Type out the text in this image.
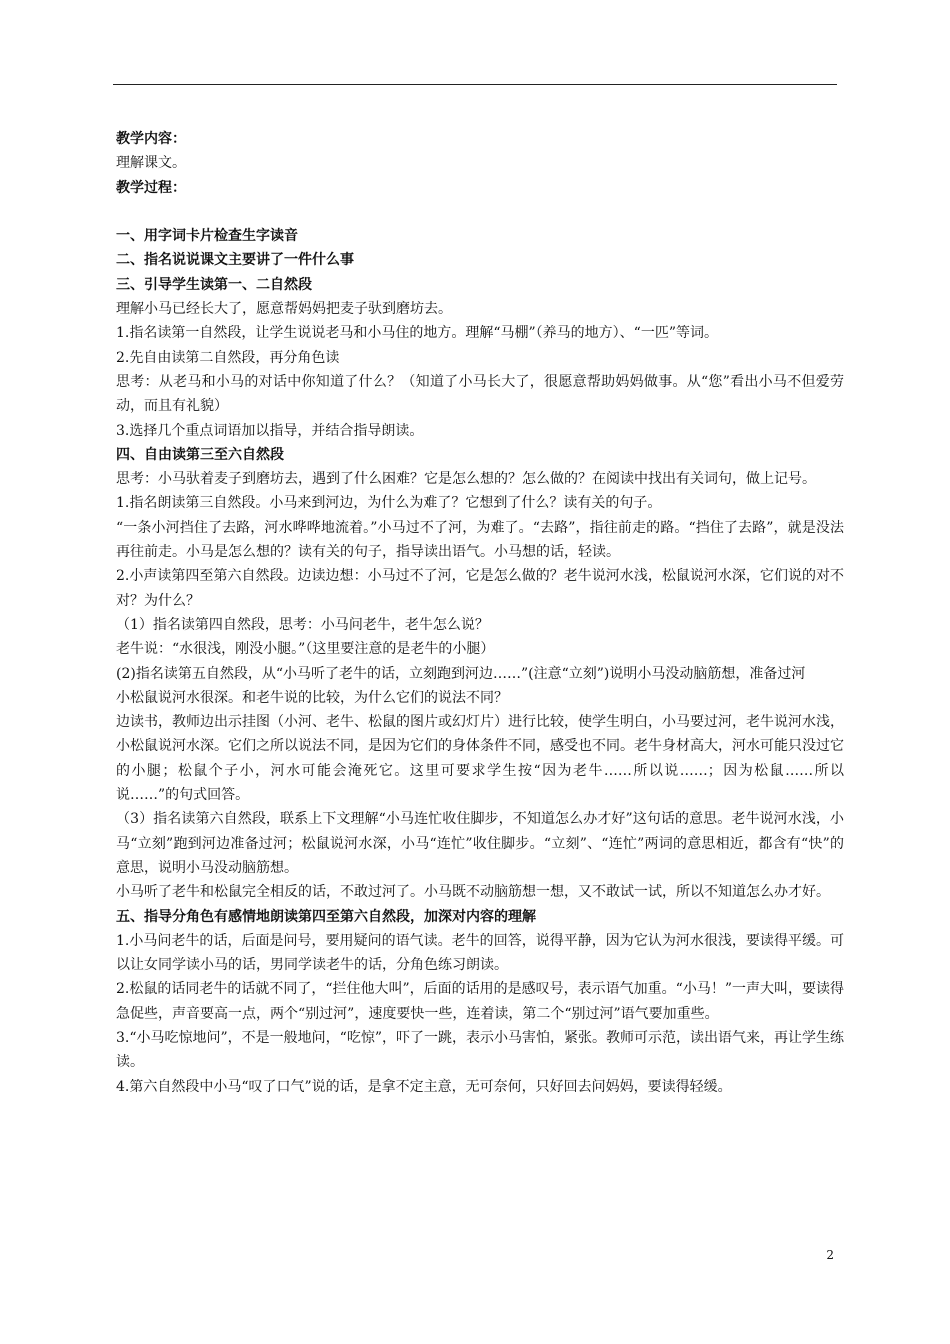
教学内容：

理解课文。

教学过程：

一、用字词卡片检查生字读音

二、指名说说课文主要讲了一件什么事

三、引导学生读第一、二自然段

理解小马已经长大了，愿意帮妈妈把麦子驮到磨坊去。

1.指名读第一自然段，让学生说说老马和小马住的地方。理解“马棚”（养马的地方）、“一匹”等词。

2.先自由读第二自然段，再分角色读

思考：从老马和小马的对话中你知道了什么？（知道了小马长大了，很愿意帮助妈妈做事。从“您”看出小马不但爱劳动，而且有礼貌）

3.选择几个重点词语加以指导，并结合指导朗读。

四、自由读第三至六自然段

思考：小马驮着麦子到磨坊去，遇到了什么困难？它是怎么想的？怎么做的？在阅读中找出有关词句，做上记号。

1.指名朗读第三自然段。小马来到河边，为什么为难了？它想到了什么？读有关的句子。

“一条小河挡住了去路，河水哗哗地流着。”小马过不了河，为难了。“去路”，指往前走的路。“挡住了去路”，就是没法再往前走。小马是怎么想的？读有关的句子，指导读出语气。小马想的话，轻读。

2.小声读第四至第六自然段。边读边想：小马过不了河，它是怎么做的？老牛说河水浅，松鼠说河水深，它们说的对不对？为什么？

（1）指名读第四自然段，思考：小马问老牛，老牛怎么说？

老牛说：“水很浅，刚没小腿。”（这里要注意的是老牛的小腿）

(2)指名读第五自然段，从“小马听了老牛的话，立刻跑到河边……”(注意“立刻”)说明小马没动脑筋想，准备过河

小松鼠说河水很深。和老牛说的比较，为什么它们的说法不同？

边读书，教师边出示挂图（小河、老牛、松鼠的图片或幻灯片）进行比较，使学生明白，小马要过河，老牛说河水浅，小松鼠说河水深。它们之所以说法不同，是因为它们的身体条件不同，感受也不同。老牛身材高大，河水可能只没过它的小腿；松鼠个子小，河水可能会淹死它。这里可要求学生按“因为老牛……所以说……；因为松鼠……所以说……”的句式回答。

（3）指名读第六自然段，联系上下文理解“小马连忙收住脚步，不知道怎么办才好”这句话的意思。老牛说河水浅，小马“立刻”跑到河边准备过河；松鼠说河水深，小马“连忙”收住脚步。“立刻”、“连忙”两词的意思相近，都含有“快”的意思，说明小马没动脑筋想。

小马听了老牛和松鼠完全相反的话，不敢过河了。小马既不动脑筋想一想，又不敢试一试，所以不知道怎么办才好。

五、指导分角色有感情地朗读第四至第六自然段，加深对内容的理解

1.小马问老牛的话，后面是问号，要用疑问的语气读。老牛的回答，说得平静，因为它认为河水很浅，要读得平缓。可以让女同学读小马的话，男同学读老牛的话，分角色练习朗读。

2.松鼠的话同老牛的话就不同了，“拦住他大叫”，后面的话用的是感叹号，表示语气加重。“小马！”一声大叫，要读得急促些，声音要高一点，两个“别过河”，速度要快一些，连着读，第二个“别过河”语气要加重些。

3.“小马吃惊地问”，不是一般地问，“吃惊”，吓了一跳，表示小马害怕，紧张。教师可示范，读出语气来，再让学生练读。

4.第六自然段中小马“叹了口气”说的话，是拿不定主意，无可奈何，只好回去问妈妈，要读得轻缓。

2
